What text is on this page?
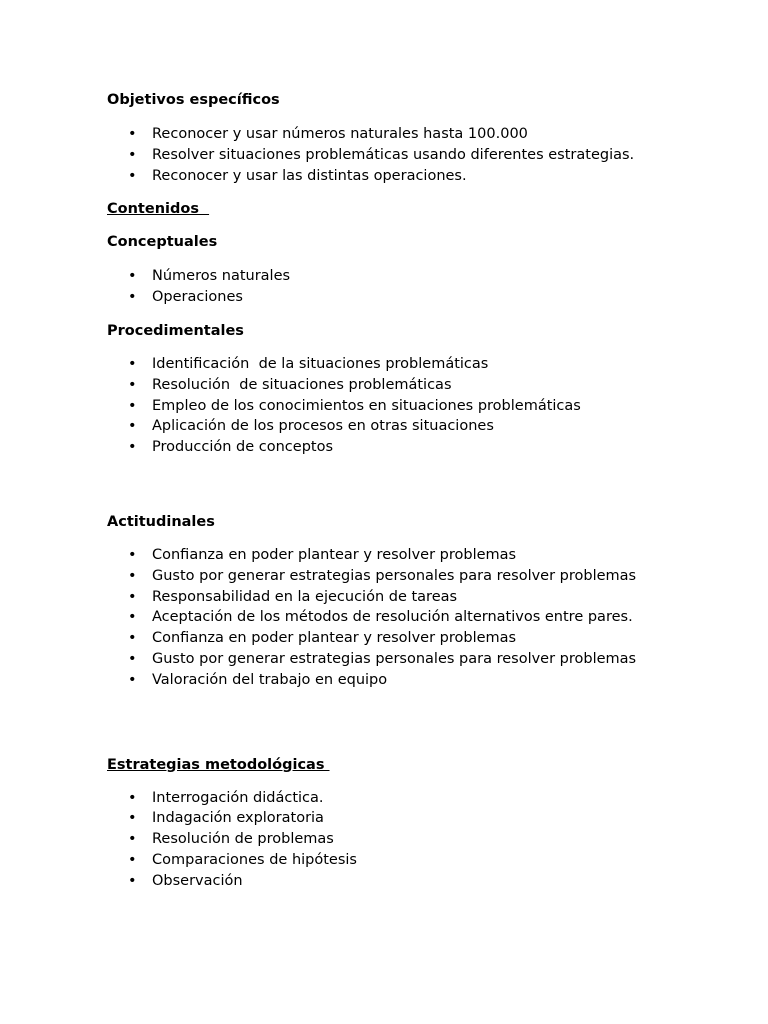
Objetivos específicos

• Reconocer y usar números naturales hasta 100.000
• Resolver situaciones problemáticas usando diferentes estrategias.
• Reconocer y usar las distintas operaciones.

Contenidos

Conceptuales

• Números naturales
• Operaciones

Procedimentales

• Identificación  de la situaciones problemáticas
• Resolución  de situaciones problemáticas
• Empleo de los conocimientos en situaciones problemáticas
• Aplicación de los procesos en otras situaciones
• Producción de conceptos

Actitudinales

• Confianza en poder plantear y resolver problemas
• Gusto por generar estrategias personales para resolver problemas
• Responsabilidad en la ejecución de tareas
• Aceptación de los métodos de resolución alternativos entre pares.
• Confianza en poder plantear y resolver problemas
• Gusto por generar estrategias personales para resolver problemas
• Valoración del trabajo en equipo

Estrategias metodológicas

• Interrogación didáctica.
• Indagación exploratoria
• Resolución de problemas
• Comparaciones de hipótesis
• Observación
